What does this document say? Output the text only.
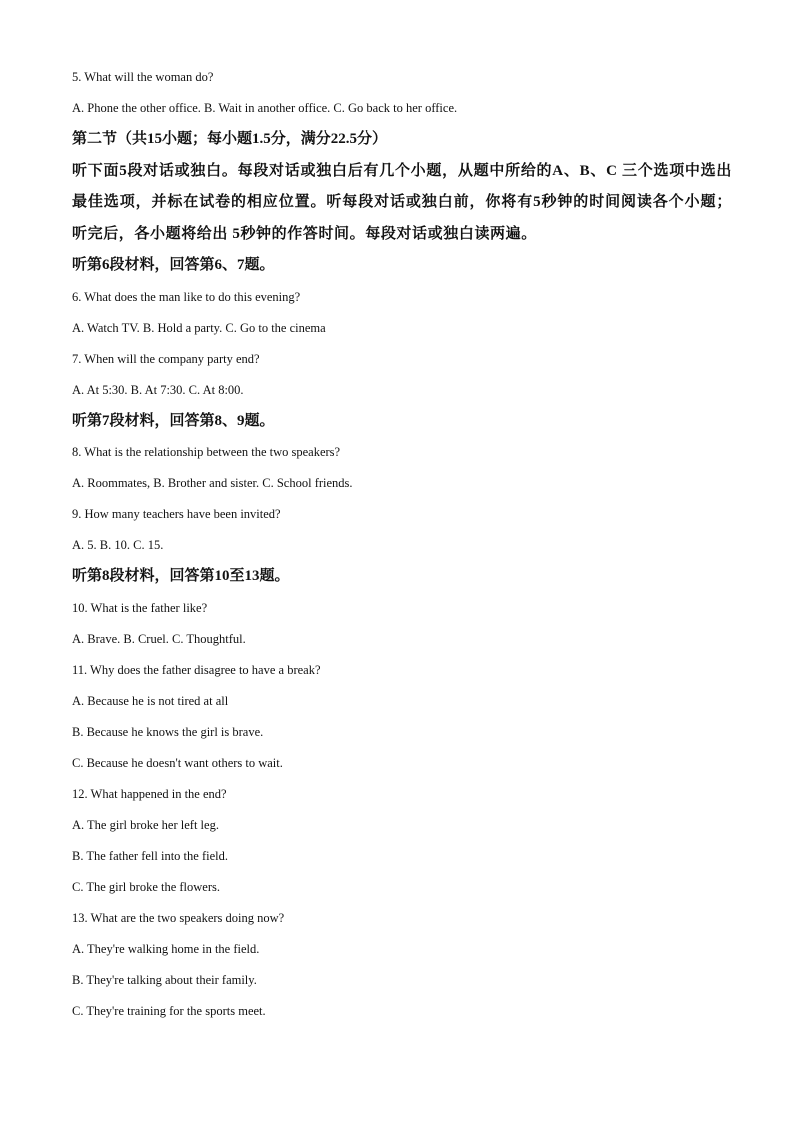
5. What will the woman do?
A. Phone the other office. B. Wait in another office. C. Go back to her office.
第二节（共15小题；每小题1.5分，满分22.5分）
听下面5段对话或独白。每段对话或独白后有几个小题，从题中所给的A、B、C 三个选项中选出最佳选项，并标在试卷的相应位置。听每段对话或独白前，你将有5秒钟的时间阅读各个小题；听完后，各小题将给出 5秒钟的作答时间。每段对话或独白读两遍。
听第6段材料，回答第6、7题。
6. What does the man like to do this evening?
A. Watch TV. B. Hold a party. C. Go to the cinema
7. When will the company party end?
A. At 5:30. B. At 7:30. C. At 8:00.
听第7段材料，回答第8、9题。
8. What is the relationship between the two speakers?
A. Roommates, B. Brother and sister. C. School friends.
9. How many teachers have been invited?
A. 5. B. 10. C. 15.
听第8段材料，回答第10至13题。
10. What is the father like?
A. Brave. B. Cruel. C. Thoughtful.
11. Why does the father disagree to have a break?
A. Because he is not tired at all
B. Because he knows the girl is brave.
C. Because he doesn't want others to wait.
12. What happened in the end?
A. The girl broke her left leg.
B. The father fell into the field.
C. The girl broke the flowers.
13. What are the two speakers doing now?
A. They're walking home in the field.
B. They're talking about their family.
C. They're training for the sports meet.
